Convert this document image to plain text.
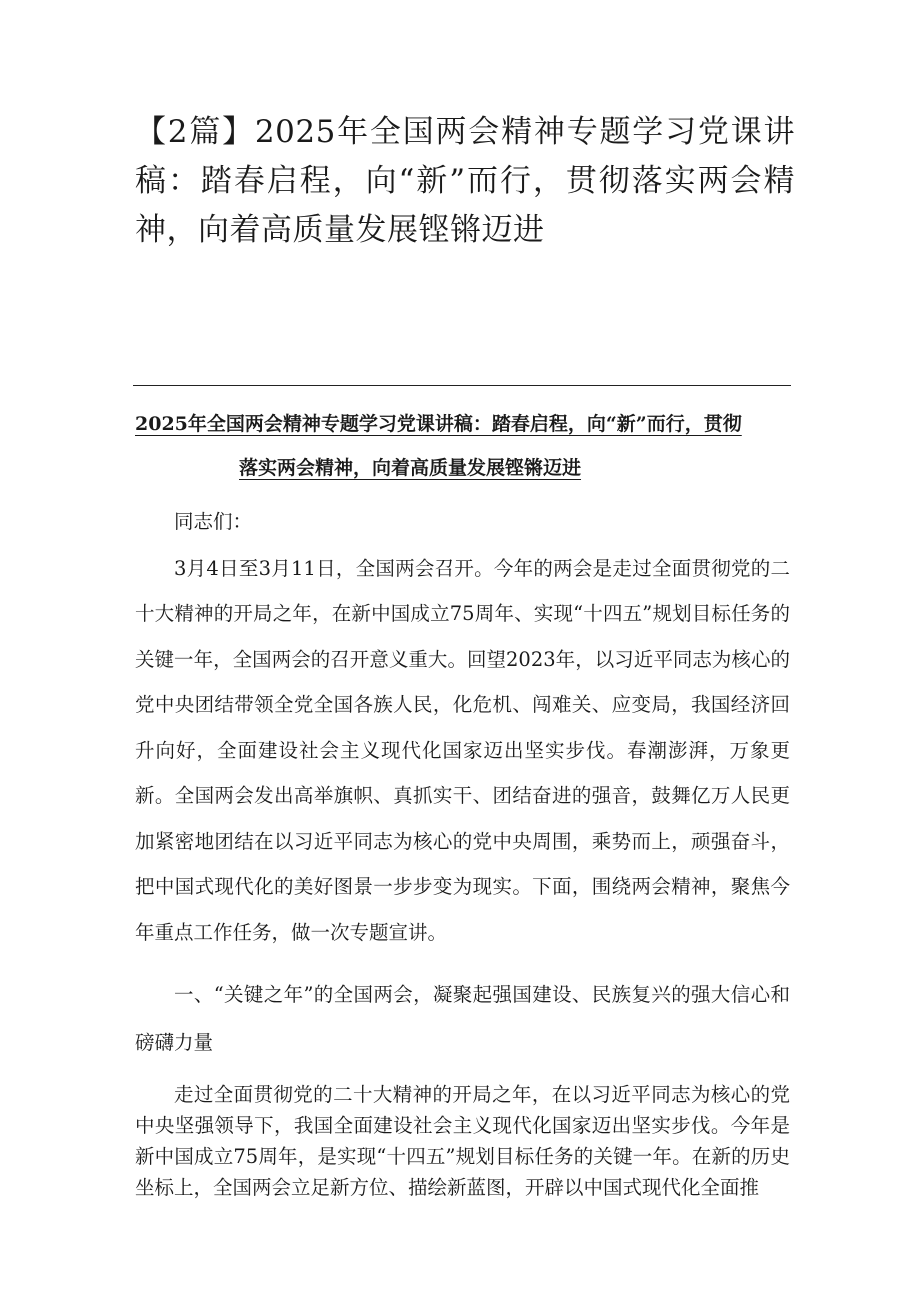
【2篇】2025年全国两会精神专题学习党课讲稿：踏春启程，向“新”而行，贯彻落实两会精神，向着高质量发展铿锵迈进
2025年全国两会精神专题学习党课讲稿：踏春启程，向“新”而行，贯彻
落实两会精神，向着高质量发展铿锵迈进

同志们：

3月4日至3月11日，全国两会召开。今年的两会是走过全面贯彻党的二十大精神的开局之年，在新中国成立75周年、实现“十四五”规划目标任务的关键一年，全国两会的召开意义重大。回望2023年，以习近平同志为核心的党中央团结带领全党全国各族人民，化危机、闯难关、应变局，我国经济回升向好，全面建设社会主义现代化国家迈出坚实步伐。春潮澎湃，万象更新。全国两会发出高举旗帜、真抓实干、团结奋进的强音，鼓舞亿万人民更加紧密地团结在以习近平同志为核心的党中央周围，乘势而上，顽强奋斗，把中国式现代化的美好图景一步步变为现实。下面，围绕两会精神，聚焦今年重点工作任务，做一次专题宣讲。

一、“关键之年”的全国两会，凝聚起强国建设、民族复兴的强大信心和磅礴力量

走过全面贯彻党的二十大精神的开局之年，在以习近平同志为核心的党中央坚强领导下，我国全面建设社会主义现代化国家迈出坚实步伐。今年是新中国成立75周年，是实现“十四五”规划目标任务的关键一年。在新的历史坐标上，全国两会立足新方位、描绘新蓝图，开辟以中国式现代化全面推
